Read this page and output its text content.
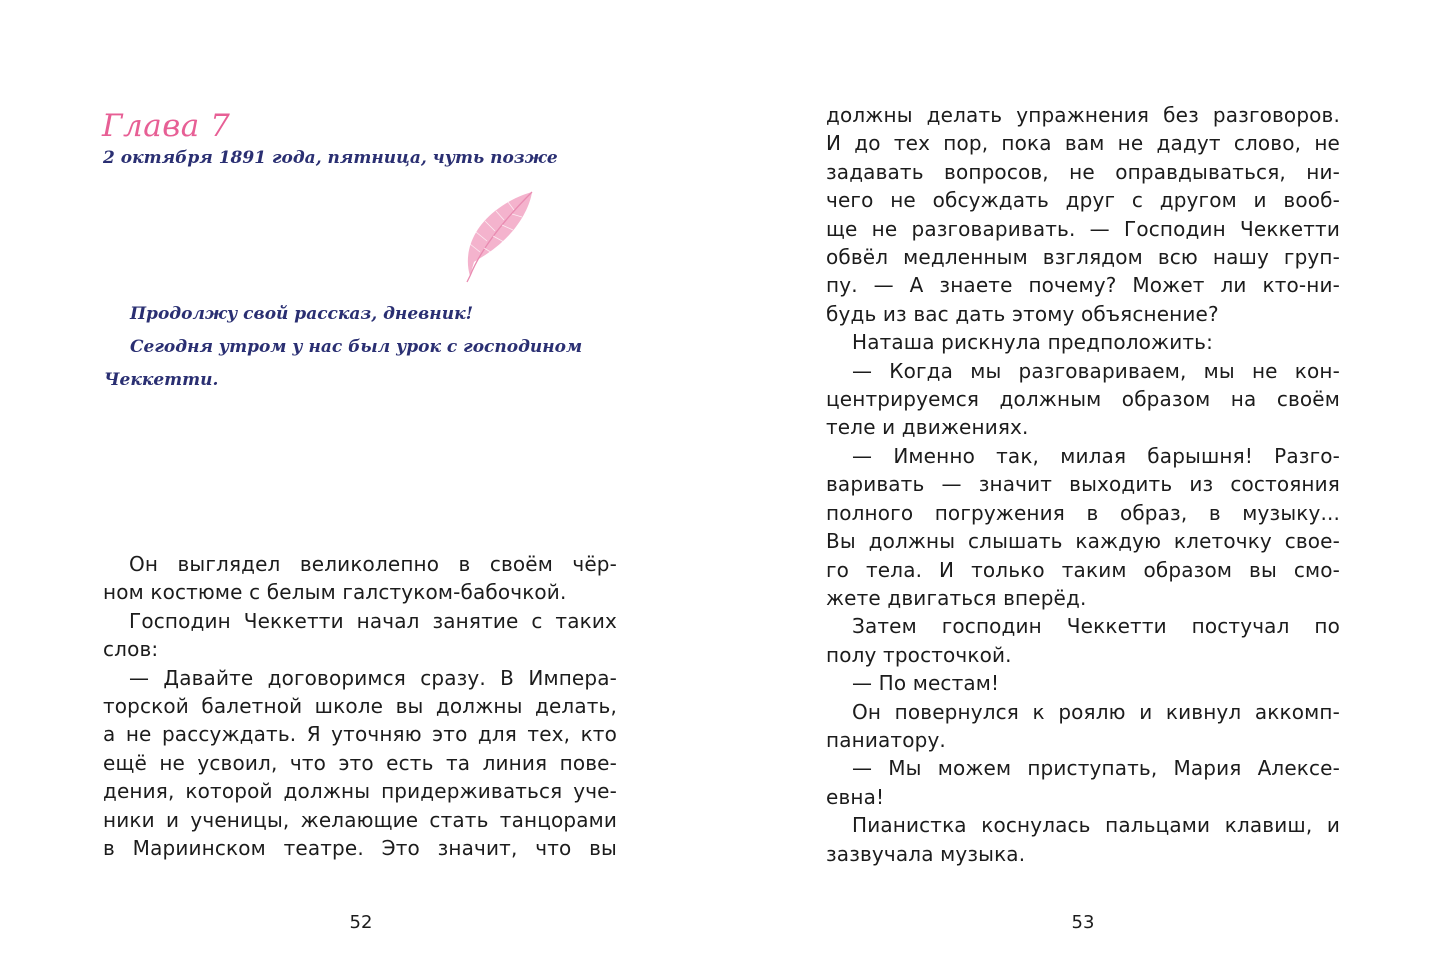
Глава 7
2 октября 1891 года, пятница, чуть позже

Продолжу свой рассказ, дневник!

Сегодня утром у нас был урок с господином

Чеккетти.

Он выглядел великолепно в своём чёр-
ном костюме с белым галстуком-бабочкой.
Господин Чеккетти начал занятие с таких
слов:
— Давайте договоримся сразу. В Импера-
торской балетной школе вы должны делать,
а не рассуждать. Я уточняю это для тех, кто
ещё не усвоил, что это есть та линия пове-
дения, которой должны придерживаться уче-
ники и ученицы, желающие стать танцорами
в Мариинском театре. Это значит, что вы
52
должны делать упражнения без разговоров.
И до тех пор, пока вам не дадут слово, не
задавать вопросов, не оправдываться, ни-
чего не обсуждать друг с другом и вооб-
ще не разговаривать. — Господин Чеккетти
обвёл медленным взглядом всю нашу груп-
пу. — А знаете почему? Может ли кто-ни-
будь из вас дать этому объяснение?
Наташа рискнула предположить:
— Когда мы разговариваем, мы не кон-
центрируемся должным образом на своём
теле и движениях.
— Именно так, милая барышня! Разго-
варивать — значит выходить из состояния
полного погружения в образ, в музыку...
Вы должны слышать каждую клеточку свое-
го тела. И только таким образом вы смо-
жете двигаться вперёд.
Затем господин Чеккетти постучал по
полу тросточкой.
— По местам!
Он повернулся к роялю и кивнул аккомп-
паниатору.
— Мы можем приступать, Мария Алексе-
евна!
Пианистка коснулась пальцами клавиш, и
зазвучала музыка.
53
